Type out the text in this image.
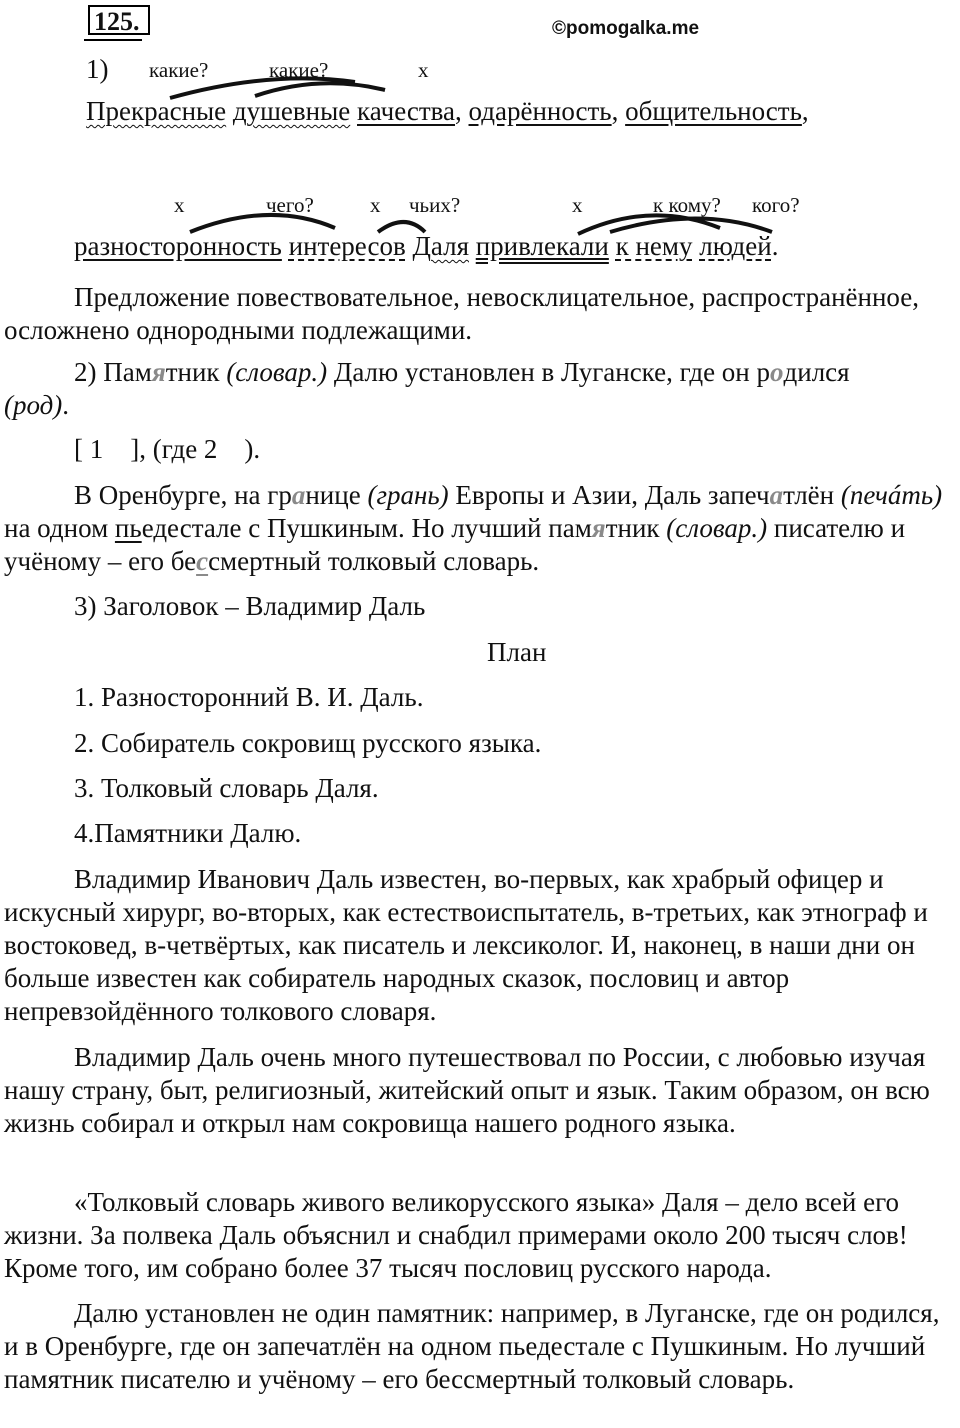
125.	©pomogalka.me
1) какие?	какие?	х
Прекрасные душевные качества, одарённость, общительность,
х	чего?	х чьих?	х	к кому? кого?
разносторонность интересов Даля привлекали к нему людей.
Предложение повествовательное, невосклицательное, распространённое, осложнено однородными подлежащими.
2) Памятник (словар.) Далю установлен в Луганске, где он родился
(род).
[ 1    ], (где 2    ).
В Оренбурге, на границе (грань) Европы и Азии, Даль запечатлён (печáть) на одном пьедестале с Пушкиным. Но лучший памятник (словар.) писателю и учёному – его бессмертный толковый словарь.
3) Заголовок – Владимир Даль
План
1. Разносторонний В. И. Даль.
2. Собиратель сокровищ русского языка.
3. Толковый словарь Даля.
4.Памятники Далю.
Владимир Иванович Даль известен, во-первых, как храбрый офицер и искусный хирург, во-вторых, как естествоиспытатель, в-третьих, как этнограф и востоковед, в-четвёртых, как писатель и лексиколог. И, наконец, в наши дни он больше известен как собиратель народных сказок, пословиц и автор непревзойдённого толкового словаря.
Владимир Даль очень много путешествовал по России, с любовью изучая нашу страну, быт, религиозный, житейский опыт и язык. Таким образом, он всю жизнь собирал и открыл нам сокровища нашего родного языка.
«Толковый словарь живого великорусского языка» Даля – дело всей его жизни. За полвека Даль объяснил и снабдил примерами около 200 тысяч слов! Кроме того, им собрано более 37 тысяч пословиц русского народа.
Далю установлен не один памятник: например, в Луганске, где он родился, и в Оренбурге, где он запечатлён на одном пьедестале с Пушкиным. Но лучший памятник писателю и учёному – его бессмертный толковый словарь.
